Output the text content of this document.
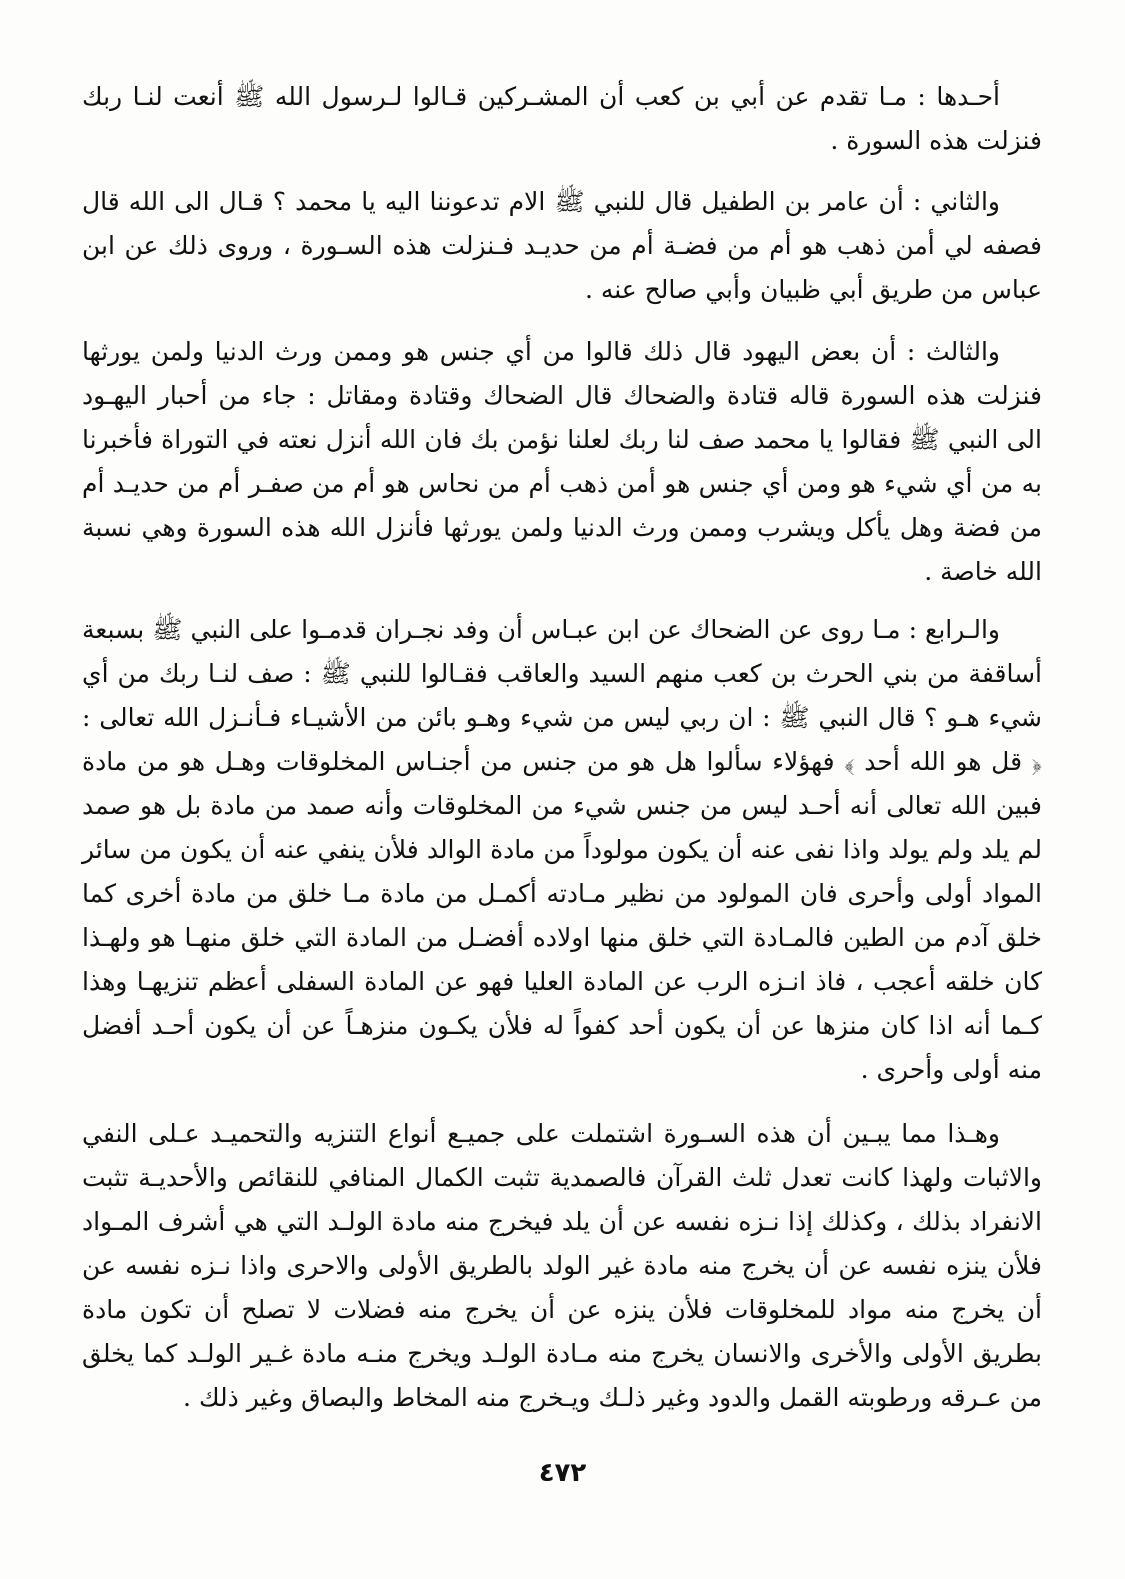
أحـدها : مـا تقدم عن أبي بن كعب أن المشـركين قـالوا لـرسول الله ﷺ أنعت لنـا ربك فنزلت هذه السورة .

والثاني : أن عامر بن الطفيل قال للنبي ﷺ الام تدعوننا اليه يا محمد ؟ قـال الى الله قال فصفه لي أمن ذهب هو أم من فضـة أم من حديـد فـنزلت هذه السـورة ، وروى ذلك عن ابن عباس من طريق أبي ظبيان وأبي صالح عنه .

والثالث : أن بعض اليهود قال ذلك قالوا من أي جنس هو وممن ورث الدنيا ولمن يورثها فنزلت هذه السورة قاله قتادة والضحاك قال الضحاك وقتادة ومقاتل : جاء من أحبار اليهـود الى النبي ﷺ فقالوا يا محمد صف لنا ربك لعلنا نؤمن بك فان الله أنزل نعته في التوراة فأخبرنا به من أي شيء هو ومن أي جنس هو أمن ذهب أم من نحاس هو أم من صفـر أم من حديـد أم من فضة وهل يأكل ويشرب وممن ورث الدنيا ولمن يورثها فأنزل الله هذه السورة وهي نسبة الله خاصة .

والـرابع : مـا روى عن الضحاك عن ابن عبـاس أن وفد نجـران قدمـوا على النبي ﷺ بسبعة أساقفة من بني الحرث بن كعب منهم السيد والعاقب فقـالوا للنبي ﷺ : صف لنـا ربك من أي شيء هـو ؟ قال النبي ﷺ : ان ربي ليس من شيء وهـو بائن من الأشيـاء فـأنـزل الله تعالى : ﴿ قل هو الله أحد ﴾ فهؤلاء سألوا هل هو من جنس من أجنـاس المخلوقات وهـل هو من مادة فبين الله تعالى أنه أحـد ليس من جنس شيء من المخلوقات وأنه صمد من مادة بل هو صمد لم يلد ولم يولد واذا نفى عنه أن يكون مولوداً من مادة الوالد فلأن ينفي عنه أن يكون من سائر المواد أولى وأحرى فان المولود من نظير مـادته أكمـل من مادة مـا خلق من مادة أخرى كما خلق آدم من الطين فالمـادة التي خلق منها اولاده أفضـل من المادة التي خلق منهـا هو ولهـذا كان خلقه أعجب ، فاذ انـزه الرب عن المادة العليا فهو عن المادة السفلى أعظم تنزيهـا وهذا كـما أنه اذا كان منزها عن أن يكون أحد كفواً له فلأن يكـون منزهـاً عن أن يكون أحـد أفضل منه أولى وأحرى .

وهـذا مما يبـين أن هذه السـورة اشتملت على جميـع أنواع التنزيه والتحميـد عـلى النفي والاثبات ولهذا كانت تعدل ثلث القرآن فالصمدية تثبت الكمال المنافي للنقائص والأحديـة تثبت الانفراد بذلك ، وكذلك إذا نـزه نفسه عن أن يلد فيخرج منه مادة الولـد التي هي أشرف المـواد فلأن ينزه نفسه عن أن يخرج منه مادة غير الولد بالطريق الأولى والاحرى واذا نـزه نفسه عن أن يخرج منه مواد للمخلوقات فلأن ينزه عن أن يخرج منه فضلات لا تصلح أن تكون مادة بطريق الأولى والأخرى والانسان يخرج منه مـادة الولـد ويخرج منـه مادة غـير الولـد كما يخلق من عـرقه ورطوبته القمل والدود وغير ذلـك ويـخرج منه المخاط والبصاق وغير ذلك .

٤٧٢
